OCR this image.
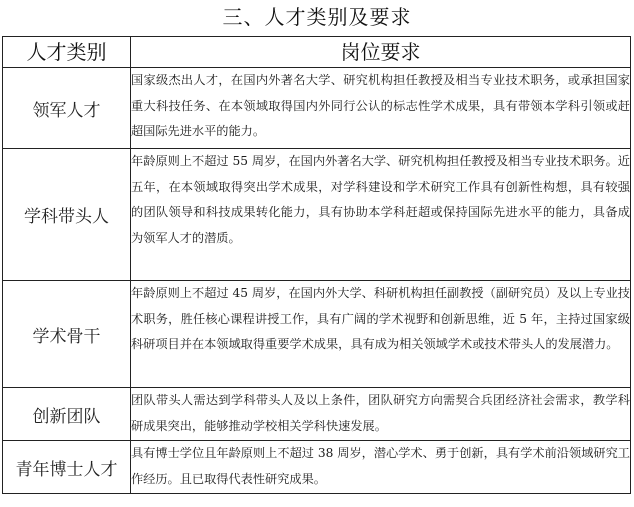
三、人才类别及要求
人才类别	岗位要求
领军人才	国家级杰出人才，在国内外著名大学、研究机构担任教授及相当专业技术职务，或承担国家重大科技任务、在本领域取得国内外同行公认的标志性学术成果，具有带领本学科引领或赶超国际先进水平的能力。
学科带头人	年龄原则上不超过 55 周岁，在国内外著名大学、研究机构担任教授及相当专业技术职务。近五年，在本领域取得突出学术成果，对学科建设和学术研究工作具有创新性构想，具有较强的团队领导和科技成果转化能力，具有协助本学科赶超或保持国际先进水平的能力，具备成为领军人才的潜质。
学术骨干	年龄原则上不超过 45 周岁，在国内外大学、科研机构担任副教授（副研究员）及以上专业技术职务，胜任核心课程讲授工作，具有广阔的学术视野和创新思维，近 5 年，主持过国家级科研项目并在本领域取得重要学术成果，具有成为相关领域学术或技术带头人的发展潜力。
创新团队	团队带头人需达到学科带头人及以上条件，团队研究方向需契合兵团经济社会需求，教学科研成果突出，能够推动学校相关学科快速发展。
青年博士人才	具有博士学位且年龄原则上不超过 38 周岁，潜心学术、勇于创新，具有学术前沿领域研究工作经历。且已取得代表性研究成果。
